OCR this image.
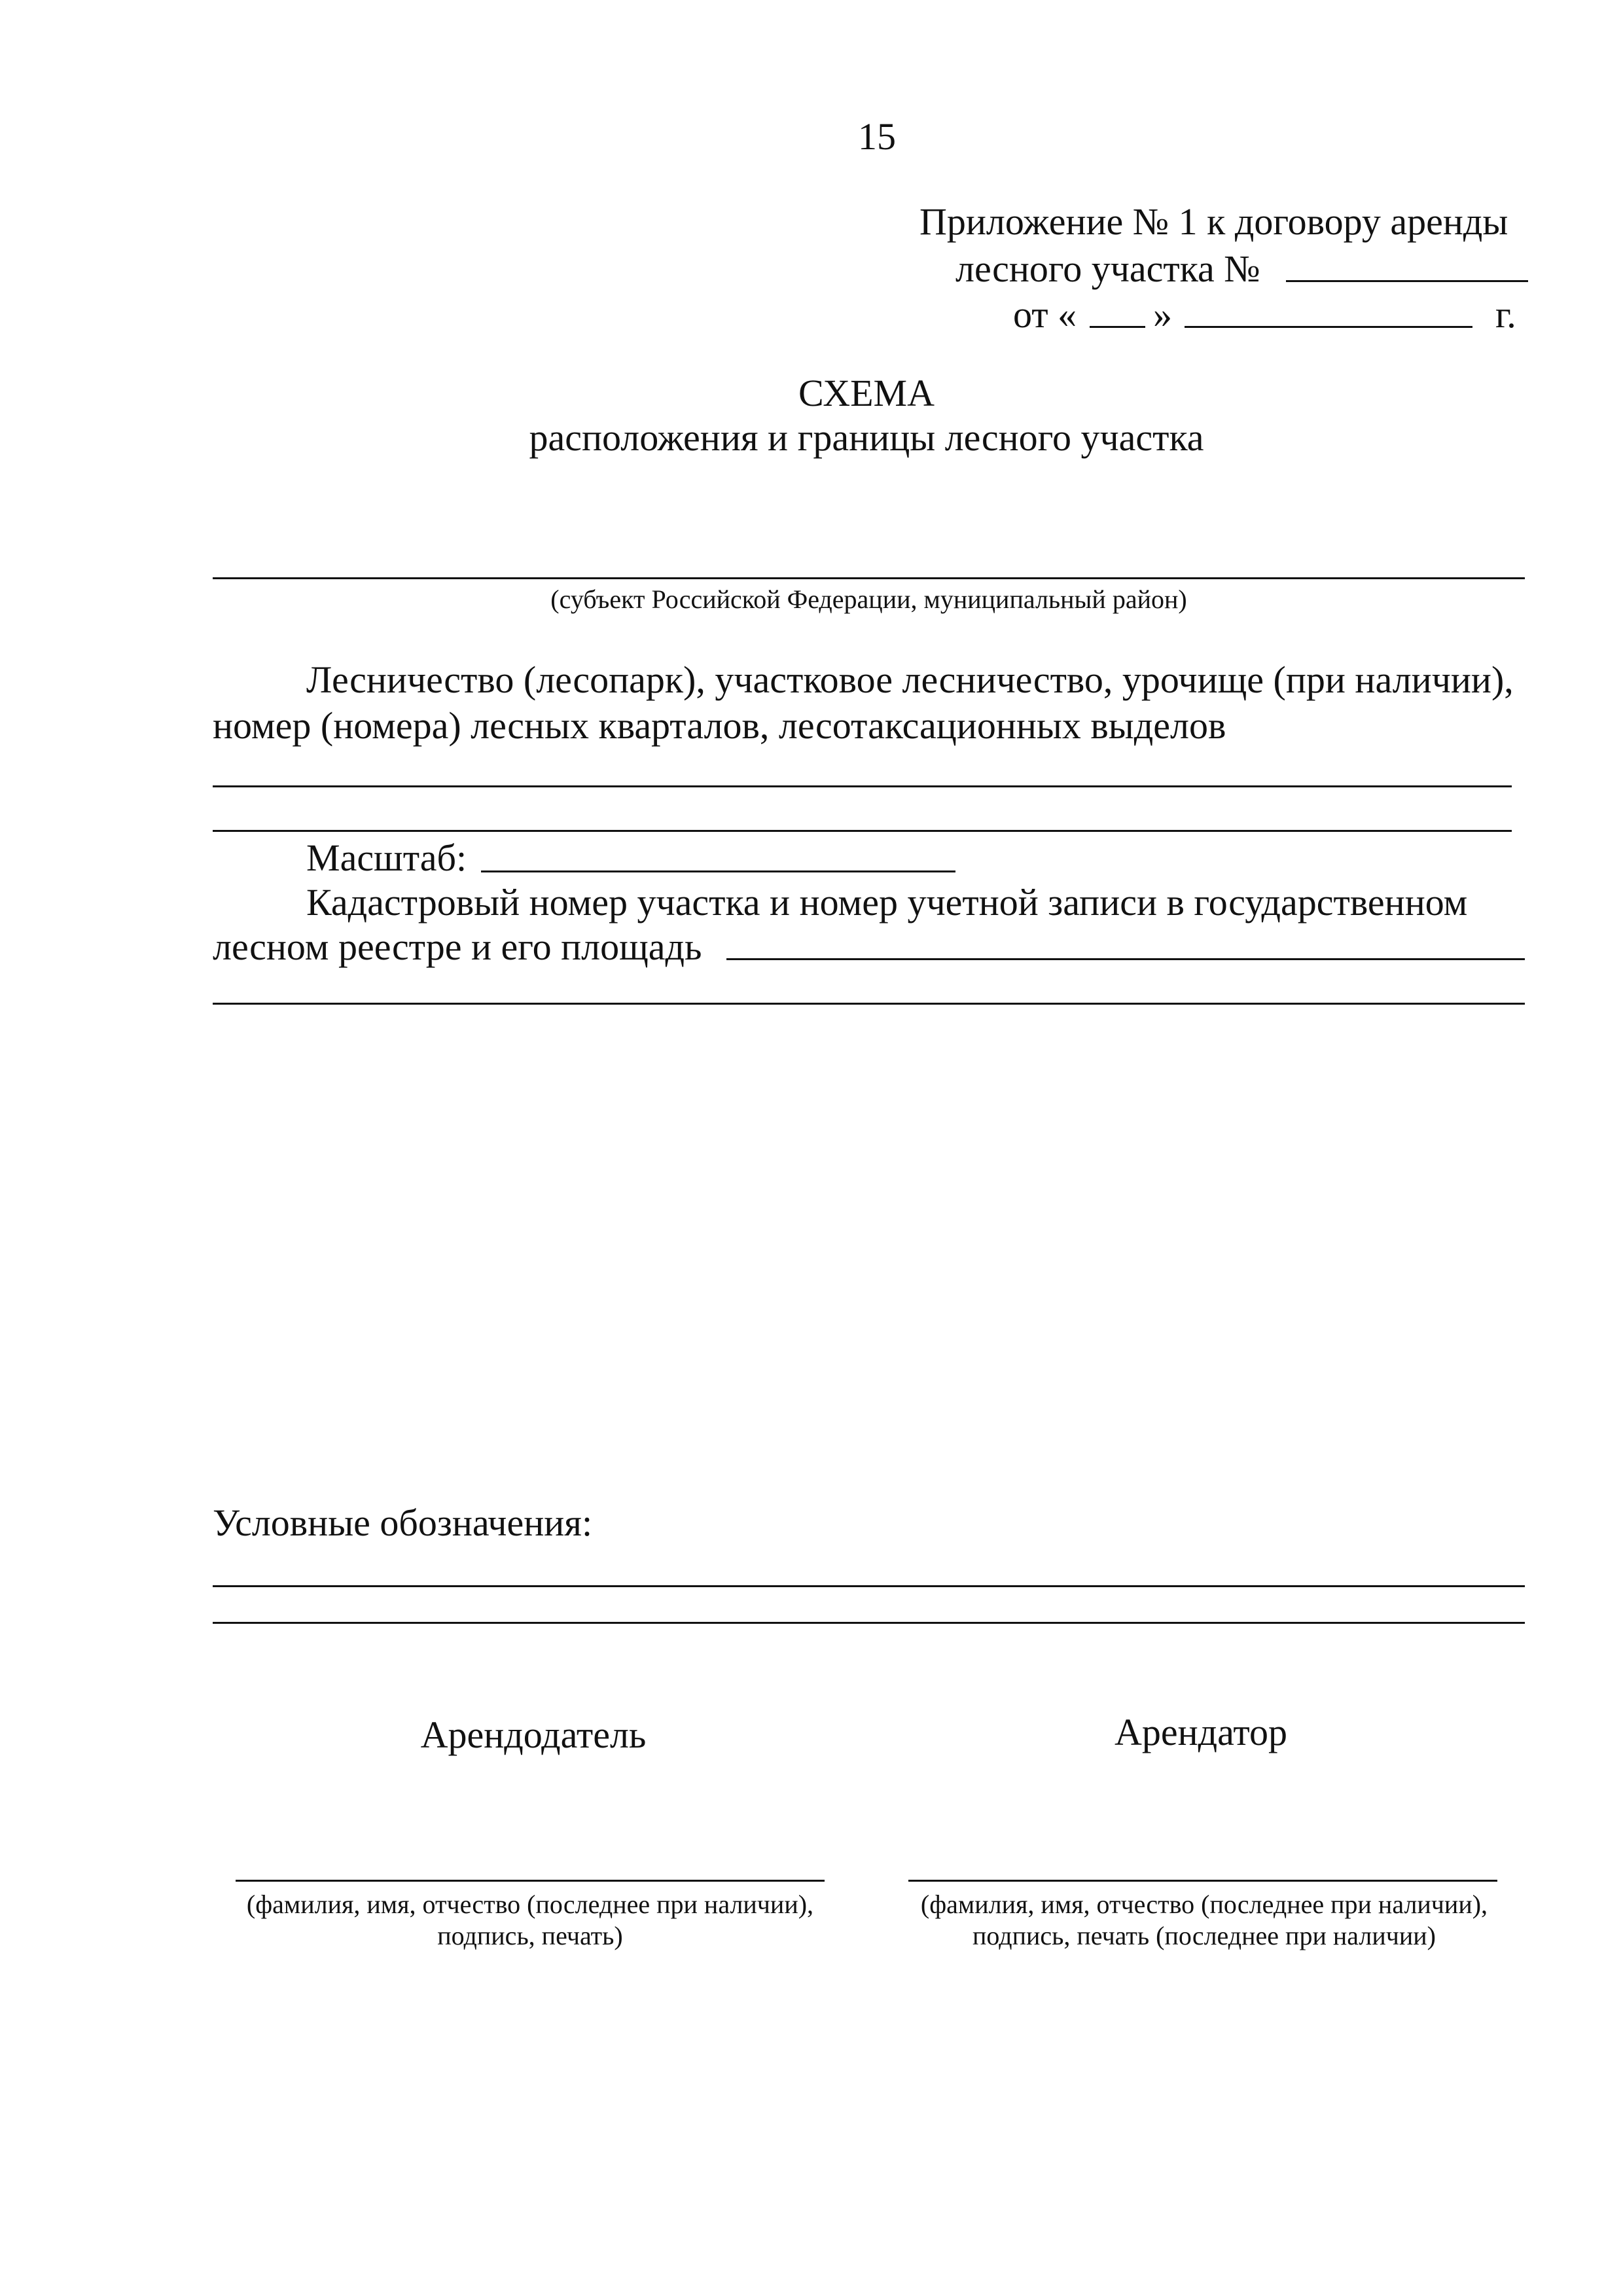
15
Приложение № 1 к договору аренды
лесного участка №
от « »	г.
СХЕМА
расположения и границы лесного участка
(субъект Российской Федерации, муниципальный район)
Лесничество (лесопарк), участковое лесничество, урочище (при наличии),
номер (номера) лесных кварталов, лесотаксационных выделов
Масштаб:
Кадастровый номер участка и номер учетной записи в государственном
лесном реестре и его площадь
Условные обозначения:
Арендодатель	Арендатор
(фамилия, имя, отчество (последнее при наличии),
подпись, печать)
(фамилия, имя, отчество (последнее при наличии),
подпись, печать (последнее при наличии)
